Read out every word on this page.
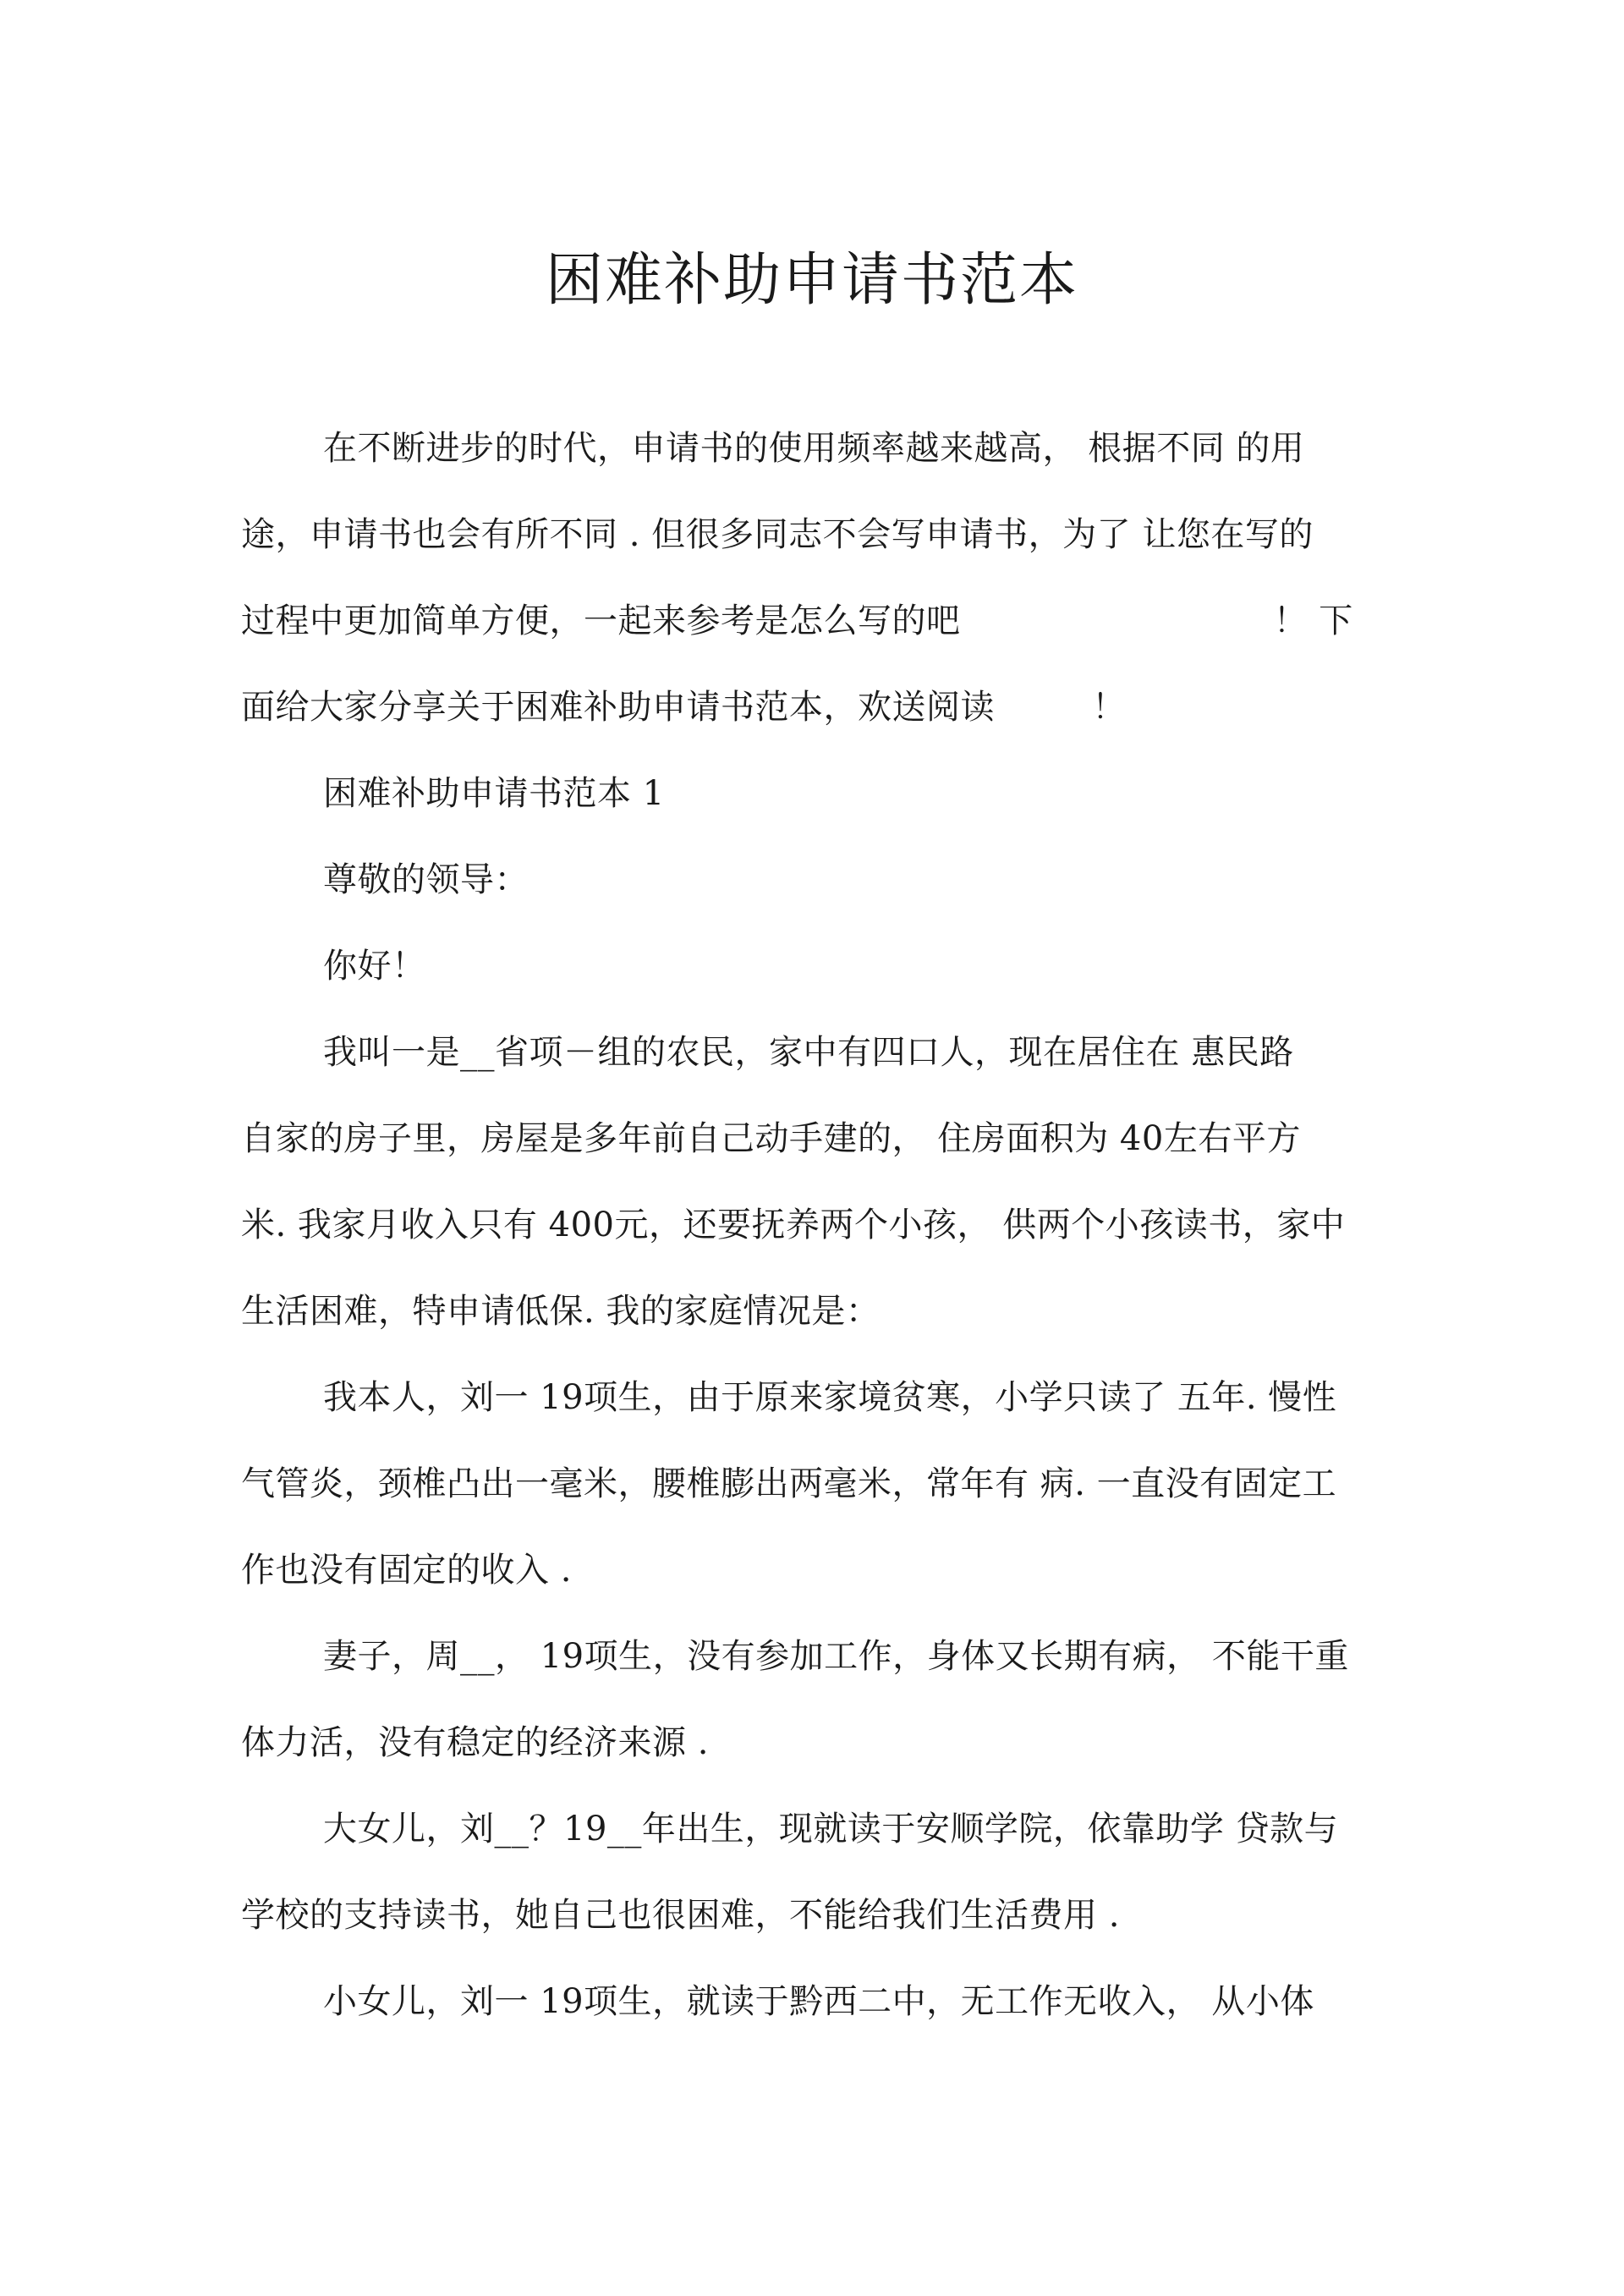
困难补助申请书范本
在不断进步的时代，申请书的使用频率越来越高， 根据不同 的用
途，申请书也会有所不同 . 但很多同志不会写申请书，为了 让您在写的
过程中更加简单方便，一起来参考是怎么写的吧	！ 下
面给大家分享关于困难补助申请书范本，欢送阅读	！
困难补助申请书范本 1
尊敬的领导：
你好！
我叫一是__省项－组的农民，家中有四口人，现在居住在 惠民路
自家的房子里，房屋是多年前自己动手建的， 住房面积为 40左右平方
米. 我家月收入只有 400元，还要抚养两个小孩， 供两个小孩读书，家中
生活困难，特申请低保. 我的家庭情况是：
我本人，刘一 19项生，由于原来家境贫寒，小学只读了 五年. 慢性
气管炎，颈椎凸出一毫米，腰椎膨出两毫米，常年有 病. 一直没有固定工
作也没有固定的收入 .
妻子，周__， 19项生，没有参加工作，身体又长期有病， 不能干重
体力活，没有稳定的经济来源 .
大女儿，刘__？19__年出生，现就读于安顺学院，依靠助学 贷款与
学校的支持读书，她自己也很困难，不能给我们生活费用 .
小女儿，刘一 19项生，就读于黔西二中，无工作无收入， 从小体
